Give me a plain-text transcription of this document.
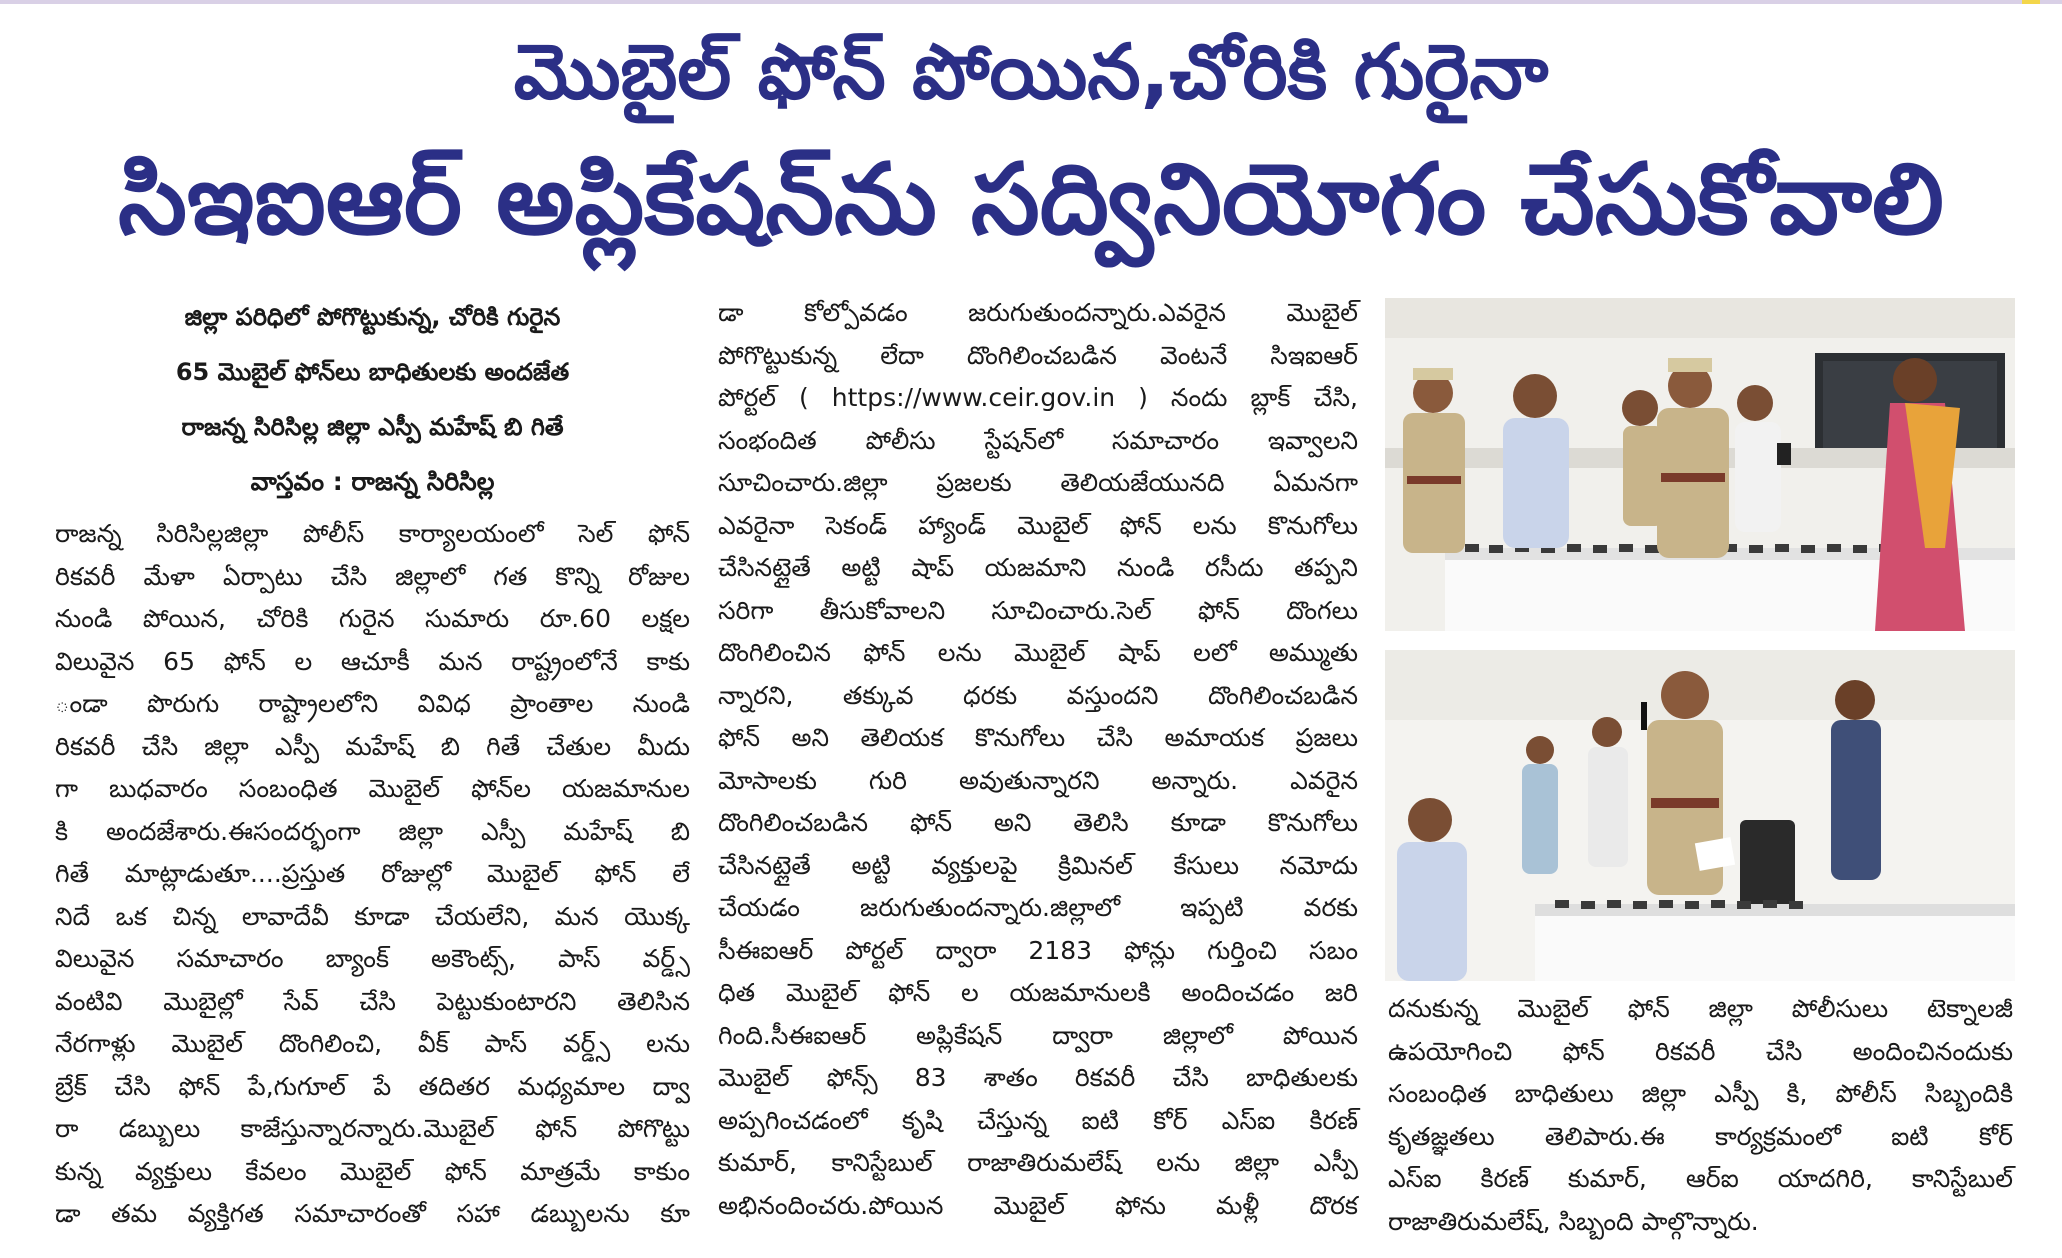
మొబైల్ ఫోన్ పోయిన,చోరికి గురైనా
సిఇఐఆర్ అప్లికేషన్‌ను సద్వినియోగం చేసుకోవాలి
జిల్లా పరిధిలో పోగొట్టుకున్న, చోరికి గురైన
65 మొబైల్ ఫోన్‌లు బాధితులకు అందజేత
రాజన్న సిరిసిల్ల జిల్లా ఎస్పీ మహేష్ బి గితే
వాస్తవం : రాజన్న సిరిసిల్ల
రాజన్న సిరిసిల్లజిల్లా పోలీస్ కార్యాలయంలో సెల్ ఫోన్
రికవరీ మేళా ఏర్పాటు చేసి జిల్లాలో గత కొన్ని రోజుల
నుండి పోయిన, చోరికి గురైన సుమారు రూ.60 లక్షల
విలువైన 65 ఫోన్ ల ఆచూకీ మన రాష్ట్రంలోనే కాకు
ండా పొరుగు రాష్ట్రాలలోని వివిధ ప్రాంతాల నుండి
రికవరీ చేసి జిల్లా ఎస్పీ మహేష్ బి గితే చేతుల మీదు
గా బుధవారం సంబంధిత మొబైల్ ఫోన్‌ల యజమానుల
కి అందజేశారు.ఈసందర్భంగా జిల్లా ఎస్పీ మహేష్ బి
గితే మాట్లాడుతూ....ప్రస్తుత రోజుల్లో మొబైల్ ఫోన్ లే
నిదే ఒక చిన్న లావాదేవీ కూడా చేయలేని, మన యొక్క
విలువైన సమాచారం బ్యాంక్ అకౌంట్స్, పాస్ వర్డ్స్
వంటివి మొబైల్లో సేవ్ చేసి పెట్టుకుంటారని తెలిసిన
నేరగాళ్లు మొబైల్ దొంగిలించి, వీక్ పాస్ వర్డ్స్ లను
బ్రేక్ చేసి ఫోన్ పే,గుగూల్ పే తదితర మధ్యమాల ద్వా
రా డబ్బులు కాజేస్తున్నారన్నారు.మొబైల్ ఫోన్ పోగొట్టు
కున్న వ్యక్తులు కేవలం మొబైల్ ఫోన్ మాత్రమే కాకుం
డా తమ వ్యక్తిగత సమాచారంతో సహా డబ్బులను కూ
డా కోల్పోవడం జరుగుతుందన్నారు.ఎవరైన మొబైల్
పోగొట్టుకున్న లేదా దొంగిలించబడిన వెంటనే సిఇఐఆర్
పోర్టల్ ( https://www.ceir.gov.in ) నందు బ్లాక్ చేసి,
సంభందిత పోలీసు స్టేషన్‌లో సమాచారం ఇవ్వాలని
సూచించారు.జిల్లా ప్రజలకు తెలియజేయునది ఏమనగా
ఎవరైనా సెకండ్ హ్యాండ్ మొబైల్ ఫోన్ లను కొనుగోలు
చేసినట్లైతే అట్టి షాప్ యజమాని నుండి రసీదు తప్పని
సరిగా తీసుకోవాలని సూచించారు.సెల్ ఫోన్ దొంగలు
దొంగిలించిన ఫోన్ లను మొబైల్ షాప్ లలో అమ్ముతు
న్నారని, తక్కువ ధరకు వస్తుందని దొంగిలించబడిన
ఫోన్ అని తెలియక కొనుగోలు చేసి అమాయక ప్రజలు
మోసాలకు గురి అవుతున్నారని అన్నారు. ఎవరైన
దొంగిలించబడిన ఫోన్ అని తెలిసి కూడా కొనుగోలు
చేసినట్లైతే అట్టి వ్యక్తులపై క్రిమినల్ కేసులు నమోదు
చేయడం జరుగుతుందన్నారు.జిల్లాలో ఇప్పటి వరకు
సీఈఐఆర్ పోర్టల్ ద్వారా 2183 ఫోన్లు గుర్తించి సబం
ధిత మొబైల్ ఫోన్ ల యజమానులకి అందించడం జరి
గింది.సీఈఐఆర్ అప్లికేషన్ ద్వారా జిల్లాలో పోయిన
మొబైల్ ఫోన్స్ 83 శాతం రికవరీ చేసి బాధితులకు
అప్పగించడంలో కృషి చేస్తున్న ఐటి కోర్ ఎస్ఐ కిరణ్
కుమార్, కానిస్టేబుల్ రాజాతిరుమలేష్ లను జిల్లా ఎస్పీ
అభినందించరు.పోయిన మొబైల్ ఫోను మళ్లీ దొరక
దనుకున్న మొబైల్ ఫోన్ జిల్లా పోలీసులు టెక్నాలజీ
ఉపయోగించి ఫోన్ రికవరీ చేసి అందించినందుకు
సంబంధిత బాధితులు జిల్లా ఎస్పీ కి, పోలీస్ సిబ్బందికి
కృతజ్ఞతలు తెలిపారు.ఈ కార్యక్రమంలో ఐటి కోర్
ఎస్ఐ కిరణ్ కుమార్, ఆర్ఐ యాదగిరి, కానిస్టేబుల్
రాజాతిరుమలేష్, సిబ్బంది పాల్గొన్నారు.
